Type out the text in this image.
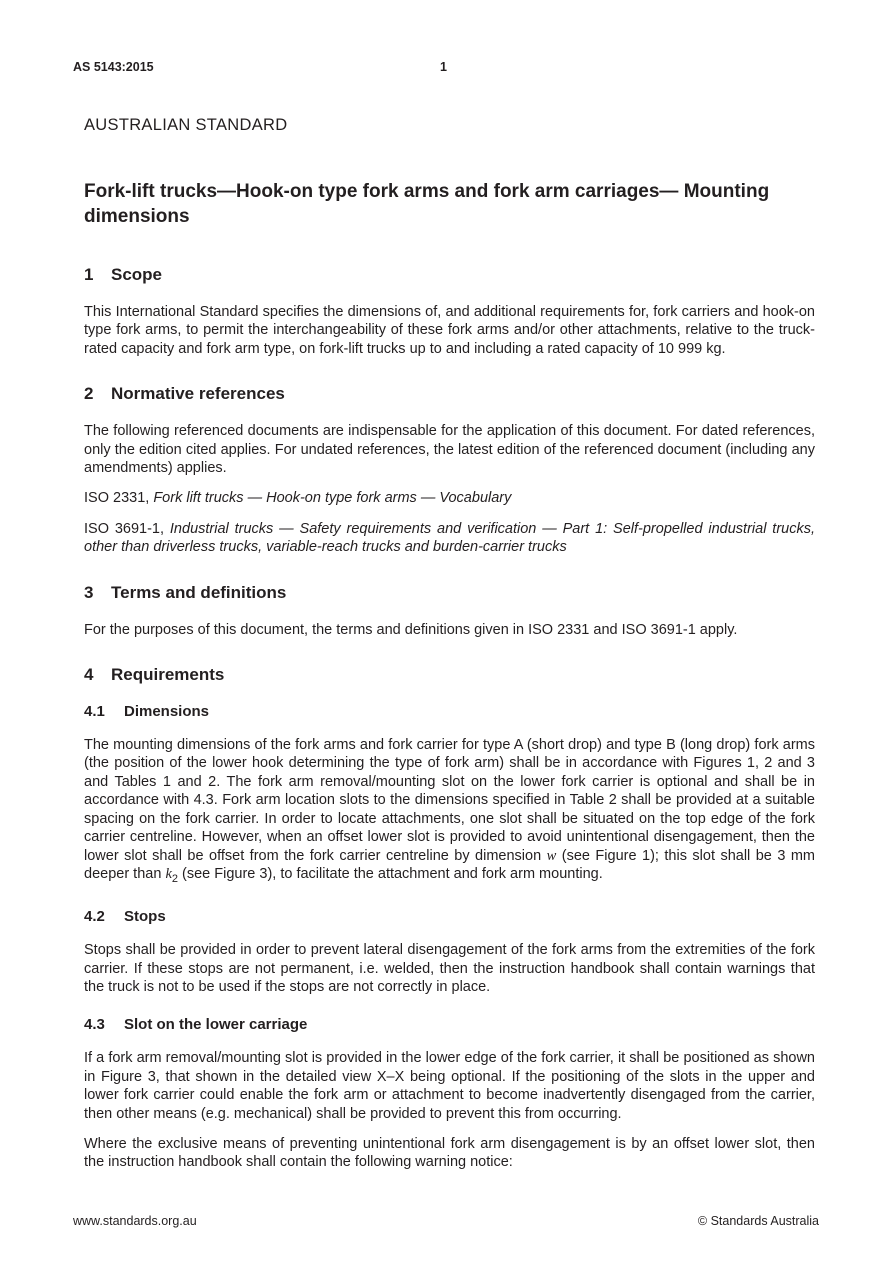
AS 5143:2015	1
AUSTRALIAN STANDARD
Fork-lift trucks—Hook-on type fork arms and fork arm carriages— Mounting dimensions
1 Scope

This International Standard specifies the dimensions of, and additional requirements for, fork carriers and hook-on type fork arms, to permit the interchangeability of these fork arms and/or other attachments, relative to the truck-rated capacity and fork arm type, on fork-lift trucks up to and including a rated capacity of 10 999 kg.

2 Normative references

The following referenced documents are indispensable for the application of this document. For dated references, only the edition cited applies. For undated references, the latest edition of the referenced document (including any amendments) applies.

ISO 2331, Fork lift trucks — Hook-on type fork arms — Vocabulary

ISO 3691-1, Industrial trucks — Safety requirements and verification — Part 1: Self-propelled industrial trucks, other than driverless trucks, variable-reach trucks and burden-carrier trucks

3 Terms and definitions

For the purposes of this document, the terms and definitions given in ISO 2331 and ISO 3691-1 apply.

4 Requirements
4.1 Dimensions

The mounting dimensions of the fork arms and fork carrier for type A (short drop) and type B (long drop) fork arms (the position of the lower hook determining the type of fork arm) shall be in accordance with Figures 1, 2 and 3 and Tables 1 and 2. The fork arm removal/mounting slot on the lower fork carrier is optional and shall be in accordance with 4.3. Fork arm location slots to the dimensions specified in Table 2 shall be provided at a suitable spacing on the fork carrier. In order to locate attachments, one slot shall be situated on the top edge of the fork carrier centreline. However, when an offset lower slot is provided to avoid unintentional disengagement, then the lower slot shall be offset from the fork carrier centreline by dimension w (see Figure 1); this slot shall be 3 mm deeper than $k_2$ (see Figure 3), to facilitate the attachment and fork arm mounting.

4.2 Stops

Stops shall be provided in order to prevent lateral disengagement of the fork arms from the extremities of the fork carrier. If these stops are not permanent, i.e. welded, then the instruction handbook shall contain warnings that the truck is not to be used if the stops are not correctly in place.

4.3 Slot on the lower carriage

If a fork arm removal/mounting slot is provided in the lower edge of the fork carrier, it shall be positioned as shown in Figure 3, that shown in the detailed view X–X being optional. If the positioning of the slots in the upper and lower fork carrier could enable the fork arm or attachment to become inadvertently disengaged from the carrier, then other means (e.g. mechanical) shall be provided to prevent this from occurring.

Where the exclusive means of preventing unintentional fork arm disengagement is by an offset lower slot, then the instruction handbook shall contain the following warning notice:

www.standards.org.au	© Standards Australia
